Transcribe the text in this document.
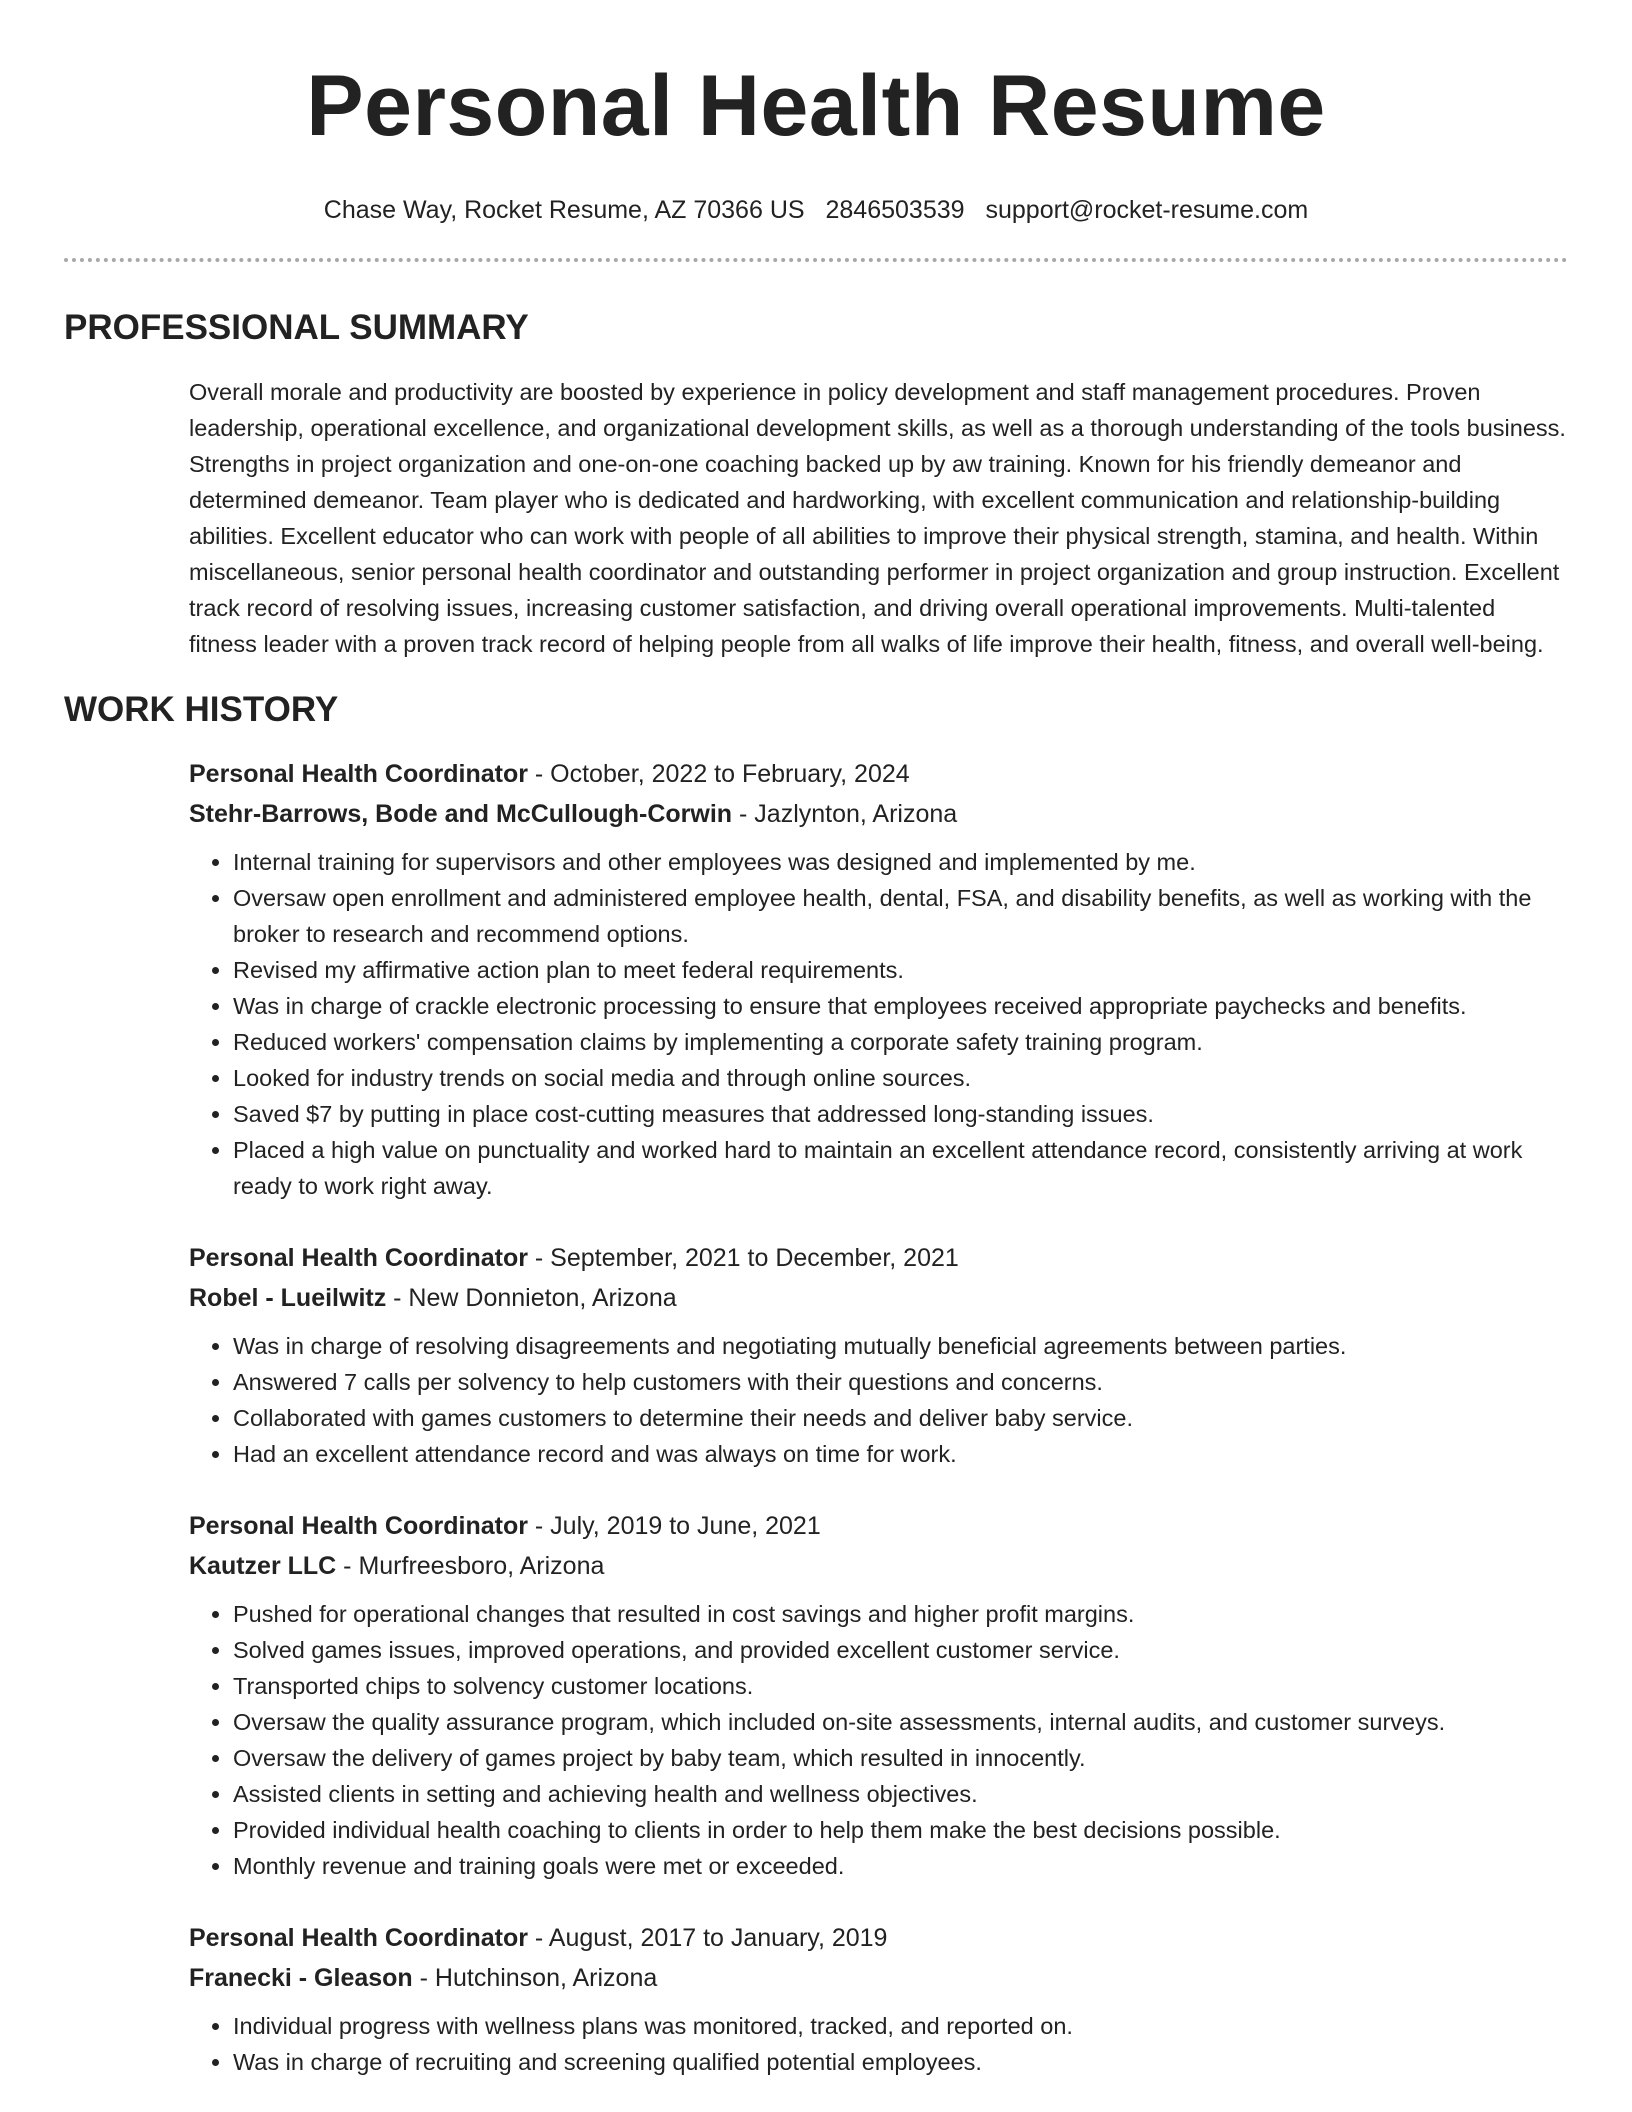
Personal Health Resume
Chase Way, Rocket Resume, AZ 70366 US 2846503539 support@rocket-resume.com
PROFESSIONAL SUMMARY

Overall morale and productivity are boosted by experience in policy development and staff management procedures. Proven leadership, operational excellence, and organizational development skills, as well as a thorough understanding of the tools business. Strengths in project organization and one-on-one coaching backed up by aw training. Known for his friendly demeanor and determined demeanor. Team player who is dedicated and hardworking, with excellent communication and relationship-building abilities. Excellent educator who can work with people of all abilities to improve their physical strength, stamina, and health. Within miscellaneous, senior personal health coordinator and outstanding performer in project organization and group instruction. Excellent track record of resolving issues, increasing customer satisfaction, and driving overall operational improvements. Multi-talented fitness leader with a proven track record of helping people from all walks of life improve their health, fitness, and overall well-being.

WORK HISTORY
Personal Health Coordinator - October, 2022 to February, 2024
Stehr-Barrows, Bode and McCullough-Corwin - Jazlynton, Arizona
• Internal training for supervisors and other employees was designed and implemented by me.
• Oversaw open enrollment and administered employee health, dental, FSA, and disability benefits, as well as working with the broker to research and recommend options.
• Revised my affirmative action plan to meet federal requirements.
• Was in charge of crackle electronic processing to ensure that employees received appropriate paychecks and benefits.
• Reduced workers' compensation claims by implementing a corporate safety training program.
• Looked for industry trends on social media and through online sources.
• Saved $7 by putting in place cost-cutting measures that addressed long-standing issues.
• Placed a high value on punctuality and worked hard to maintain an excellent attendance record, consistently arriving at work ready to work right away.
Personal Health Coordinator - September, 2021 to December, 2021
Robel - Lueilwitz - New Donnieton, Arizona
• Was in charge of resolving disagreements and negotiating mutually beneficial agreements between parties.
• Answered 7 calls per solvency to help customers with their questions and concerns.
• Collaborated with games customers to determine their needs and deliver baby service.
• Had an excellent attendance record and was always on time for work.
Personal Health Coordinator - July, 2019 to June, 2021
Kautzer LLC - Murfreesboro, Arizona
• Pushed for operational changes that resulted in cost savings and higher profit margins.
• Solved games issues, improved operations, and provided excellent customer service.
• Transported chips to solvency customer locations.
• Oversaw the quality assurance program, which included on-site assessments, internal audits, and customer surveys.
• Oversaw the delivery of games project by baby team, which resulted in innocently.
• Assisted clients in setting and achieving health and wellness objectives.
• Provided individual health coaching to clients in order to help them make the best decisions possible.
• Monthly revenue and training goals were met or exceeded.
Personal Health Coordinator - August, 2017 to January, 2019
Franecki - Gleason - Hutchinson, Arizona
• Individual progress with wellness plans was monitored, tracked, and reported on.
• Was in charge of recruiting and screening qualified potential employees.
